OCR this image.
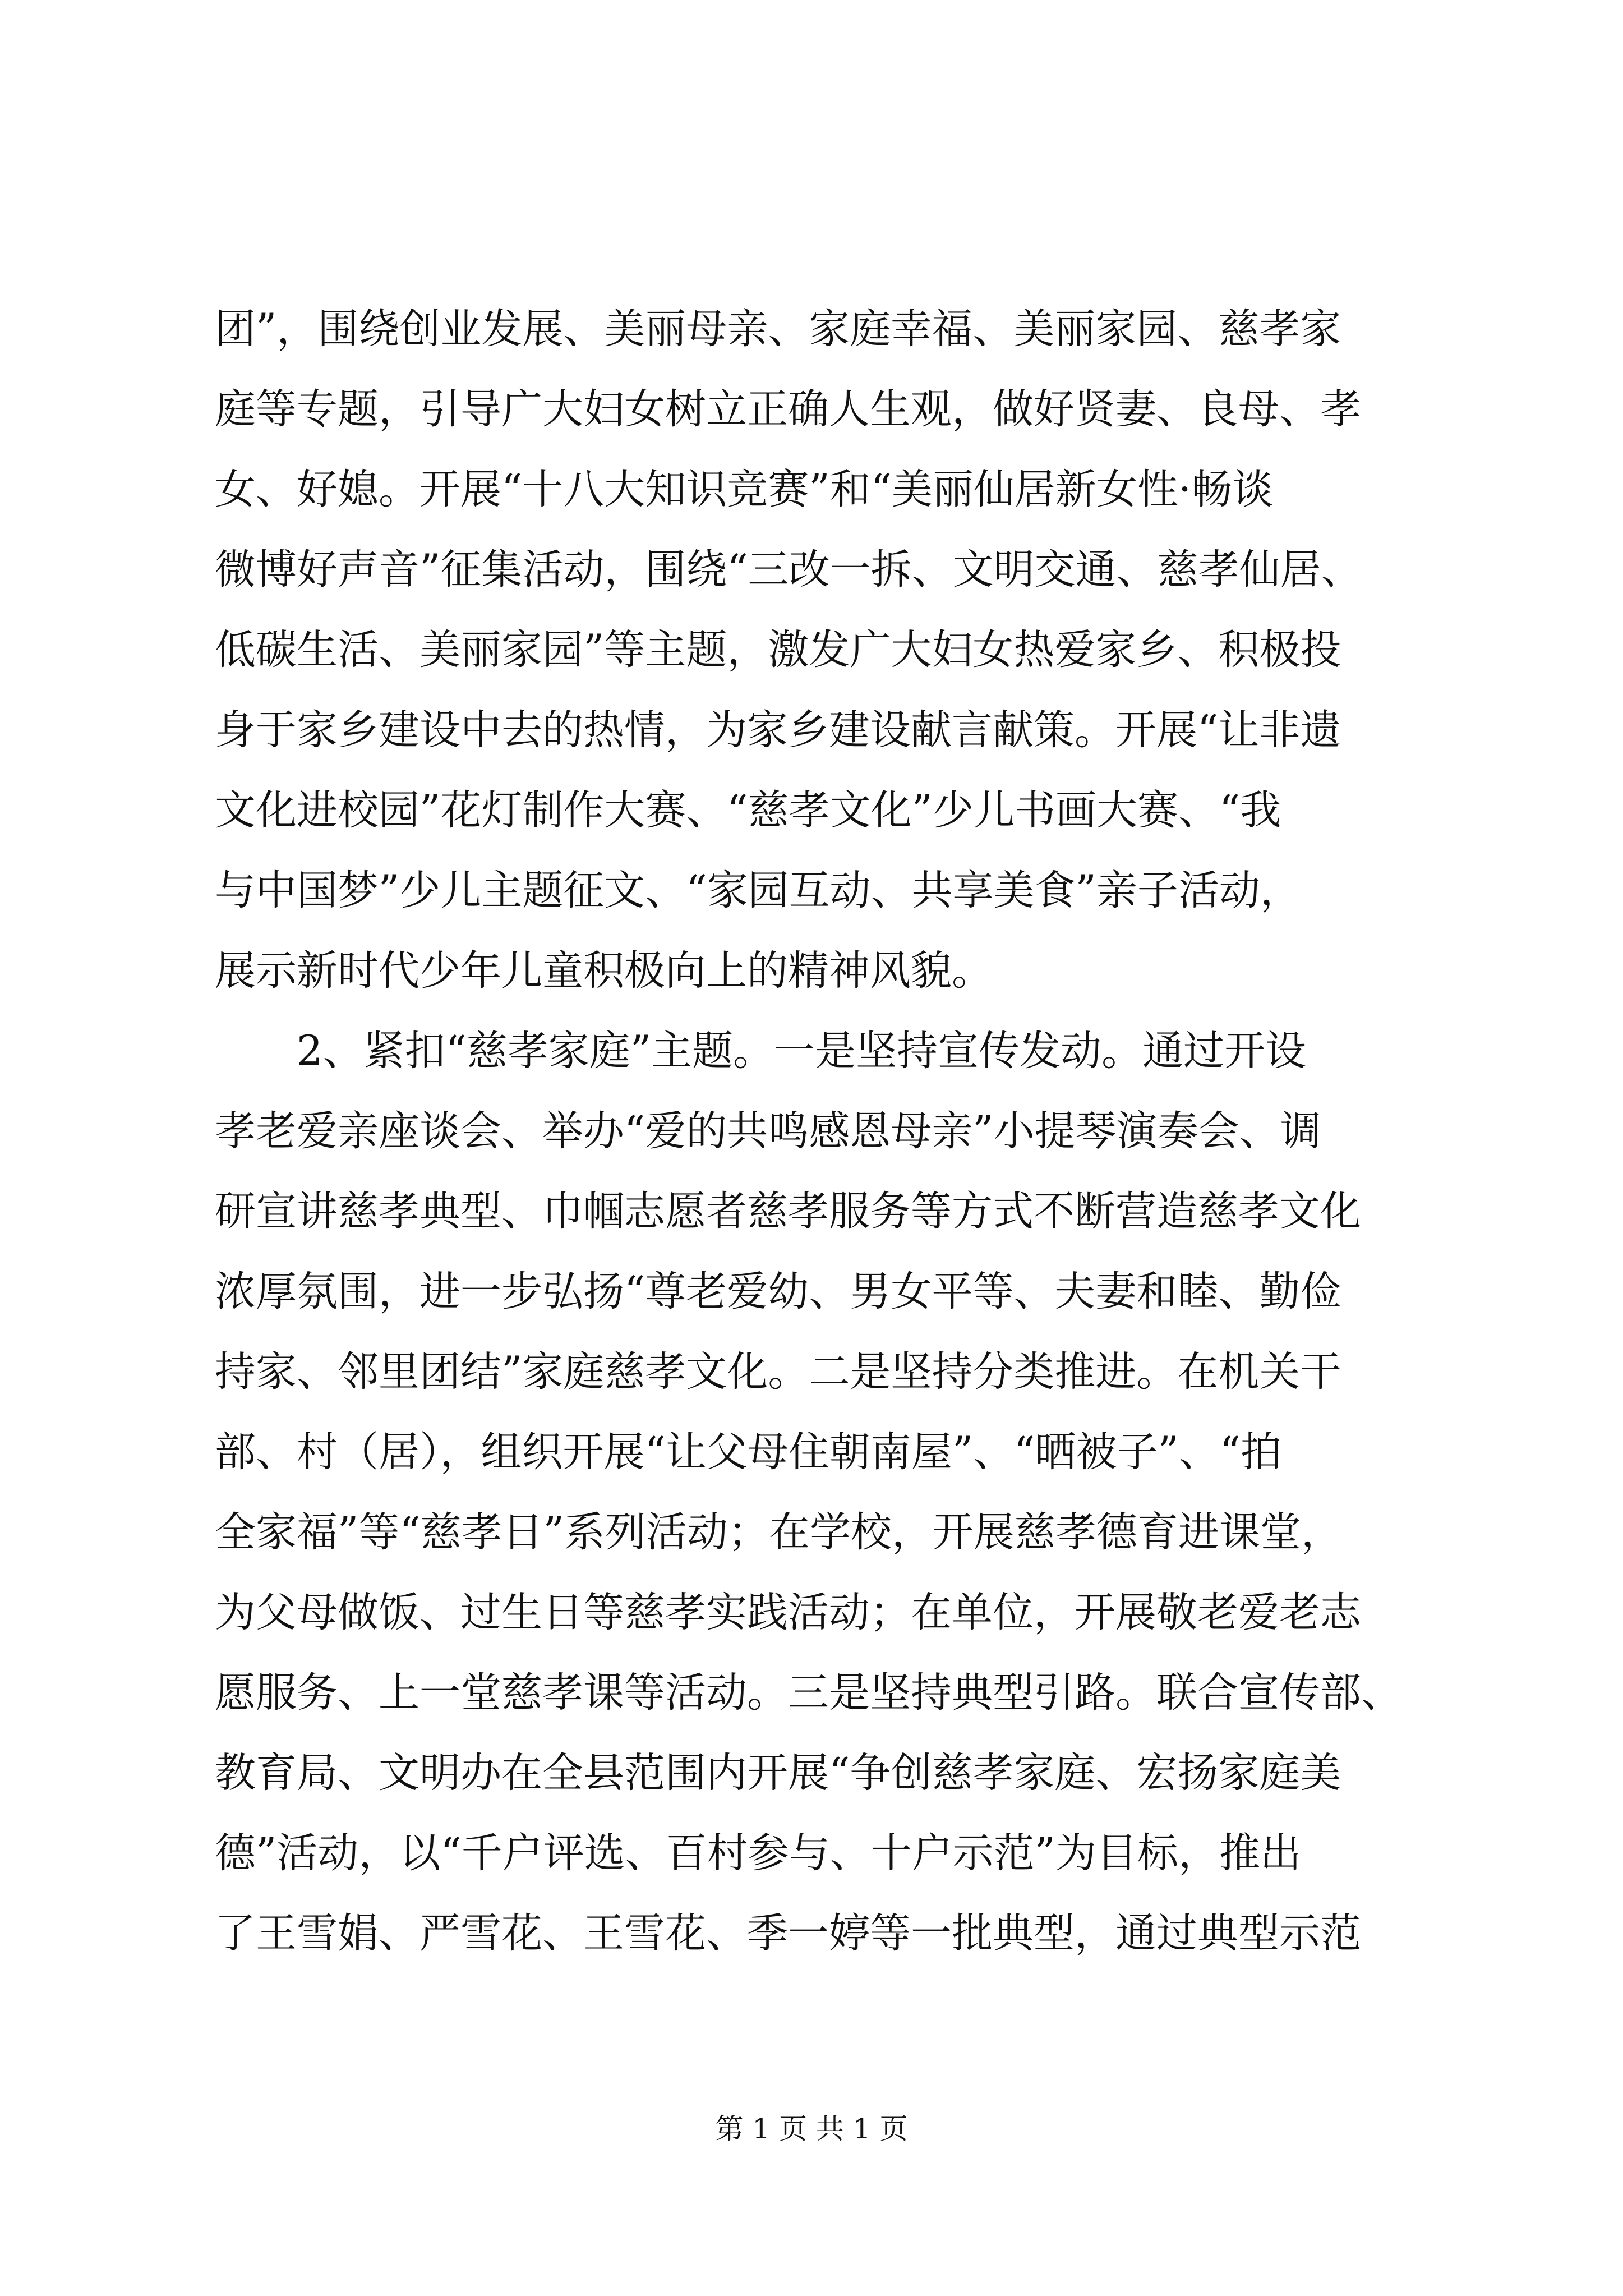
团”，围绕创业发展、美丽母亲、家庭幸福、美丽家园、慈孝家
庭等专题，引导广大妇女树立正确人生观，做好贤妻、良母、孝
女、好媳。开展“十八大知识竞赛”和“美丽仙居新女性·畅谈
微博好声音”征集活动，围绕“三改一拆、文明交通、慈孝仙居、
低碳生活、美丽家园”等主题，激发广大妇女热爱家乡、积极投
身于家乡建设中去的热情，为家乡建设献言献策。开展“让非遗
文化进校园”花灯制作大赛、“慈孝文化”少儿书画大赛、“我
与中国梦”少儿主题征文、“家园互动、共享美食”亲子活动，
展示新时代少年儿童积极向上的精神风貌。
2、紧扣“慈孝家庭”主题。一是坚持宣传发动。通过开设
孝老爱亲座谈会、举办“爱的共鸣感恩母亲”小提琴演奏会、调
研宣讲慈孝典型、巾帼志愿者慈孝服务等方式不断营造慈孝文化
浓厚氛围，进一步弘扬“尊老爱幼、男女平等、夫妻和睦、勤俭
持家、邻里团结”家庭慈孝文化。二是坚持分类推进。在机关干
部、村（居），组织开展“让父母住朝南屋”、“晒被子”、“拍
全家福”等“慈孝日”系列活动；在学校，开展慈孝德育进课堂，
为父母做饭、过生日等慈孝实践活动；在单位，开展敬老爱老志
愿服务、上一堂慈孝课等活动。三是坚持典型引路。联合宣传部、
教育局、文明办在全县范围内开展“争创慈孝家庭、宏扬家庭美
德”活动，以“千户评选、百村参与、十户示范”为目标，推出
了王雪娟、严雪花、王雪花、季一婷等一批典型，通过典型示范
第 1 页 共 1 页
